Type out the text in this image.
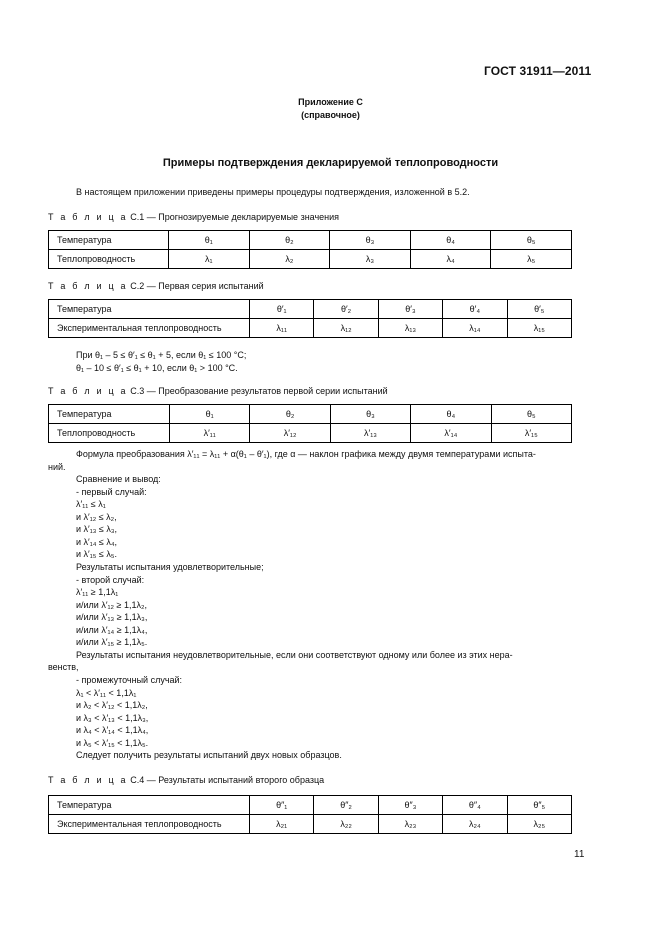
ГОСТ 31911—2011
Приложение С
(справочное)
Примеры подтверждения декларируемой теплопроводности
В настоящем приложении приведены примеры процедуры подтверждения, изложенной в 5.2.
Т а б л и ц а С.1 — Прогнозируемые декларируемые значения
Температура	θ₁	θ₂	θ₃	θ₄	θ₅
Теплопроводность	λ₁	λ₂	λ₃	λ₄	λ₅
Т а б л и ц а С.2 — Первая серия испытаний
Температура	θ′₁	θ′₂	θ′₃	θ′₄	θ′₅
Экспериментальная теплопроводность	λ₁₁	λ₁₂	λ₁₃	λ₁₄	λ₁₅
При θ₁ – 5 ≤ θ′₁ ≤ θ₁ + 5, если θ₁ ≤ 100 °С;
θ₁ – 10 ≤ θ′₁ ≤ θ₁ + 10, если θ₁ > 100 °С.
Т а б л и ц а С.3 — Преобразование результатов первой серии испытаний
Температура	θ₁	θ₂	θ₃	θ₄	θ₅
Теплопроводность	λ′₁₁	λ′₁₂	λ′₁₃	λ′₁₄	λ′₁₅
Формула преобразования λ′₁₁ = λ₁₁ + α(θ₁ – θ′₁), где α — наклон графика между двумя температурами испыта-
ний.
Сравнение и вывод:
- первый случай:
λ′₁₁ ≤ λ₁
и λ′₁₂ ≤ λ₂,
и λ′₁₃ ≤ λ₃,
и λ′₁₄ ≤ λ₄,
и λ′₁₅ ≤ λ₅.
Результаты испытания удовлетворительные;
- второй случай:
λ′₁₁ ≥ 1,1λ₁
и/или λ′₁₂ ≥ 1,1λ₂,
и/или λ′₁₃ ≥ 1,1λ₃,
и/или λ′₁₄ ≥ 1,1λ₄,
и/или λ′₁₅ ≥ 1,1λ₅.
Результаты испытания неудовлетворительные, если они соответствуют одному или более из этих нера-
венств,
- промежуточный случай:
λ₁ < λ′₁₁ < 1,1λ₁
и λ₂ < λ′₁₂ < 1,1λ₂,
и λ₃ < λ′₁₃ < 1,1λ₃,
и λ₄ < λ′₁₄ < 1,1λ₄,
и λ₅ < λ′₁₅ < 1,1λ₅.
Следует получить результаты испытаний двух новых образцов.
Т а б л и ц а С.4 — Результаты испытаний второго образца
Температура	θ″₁	θ″₂	θ″₃	θ″₄	θ″₅
Экспериментальная теплопроводность	λ₂₁	λ₂₂	λ₂₃	λ₂₄	λ₂₅
11
